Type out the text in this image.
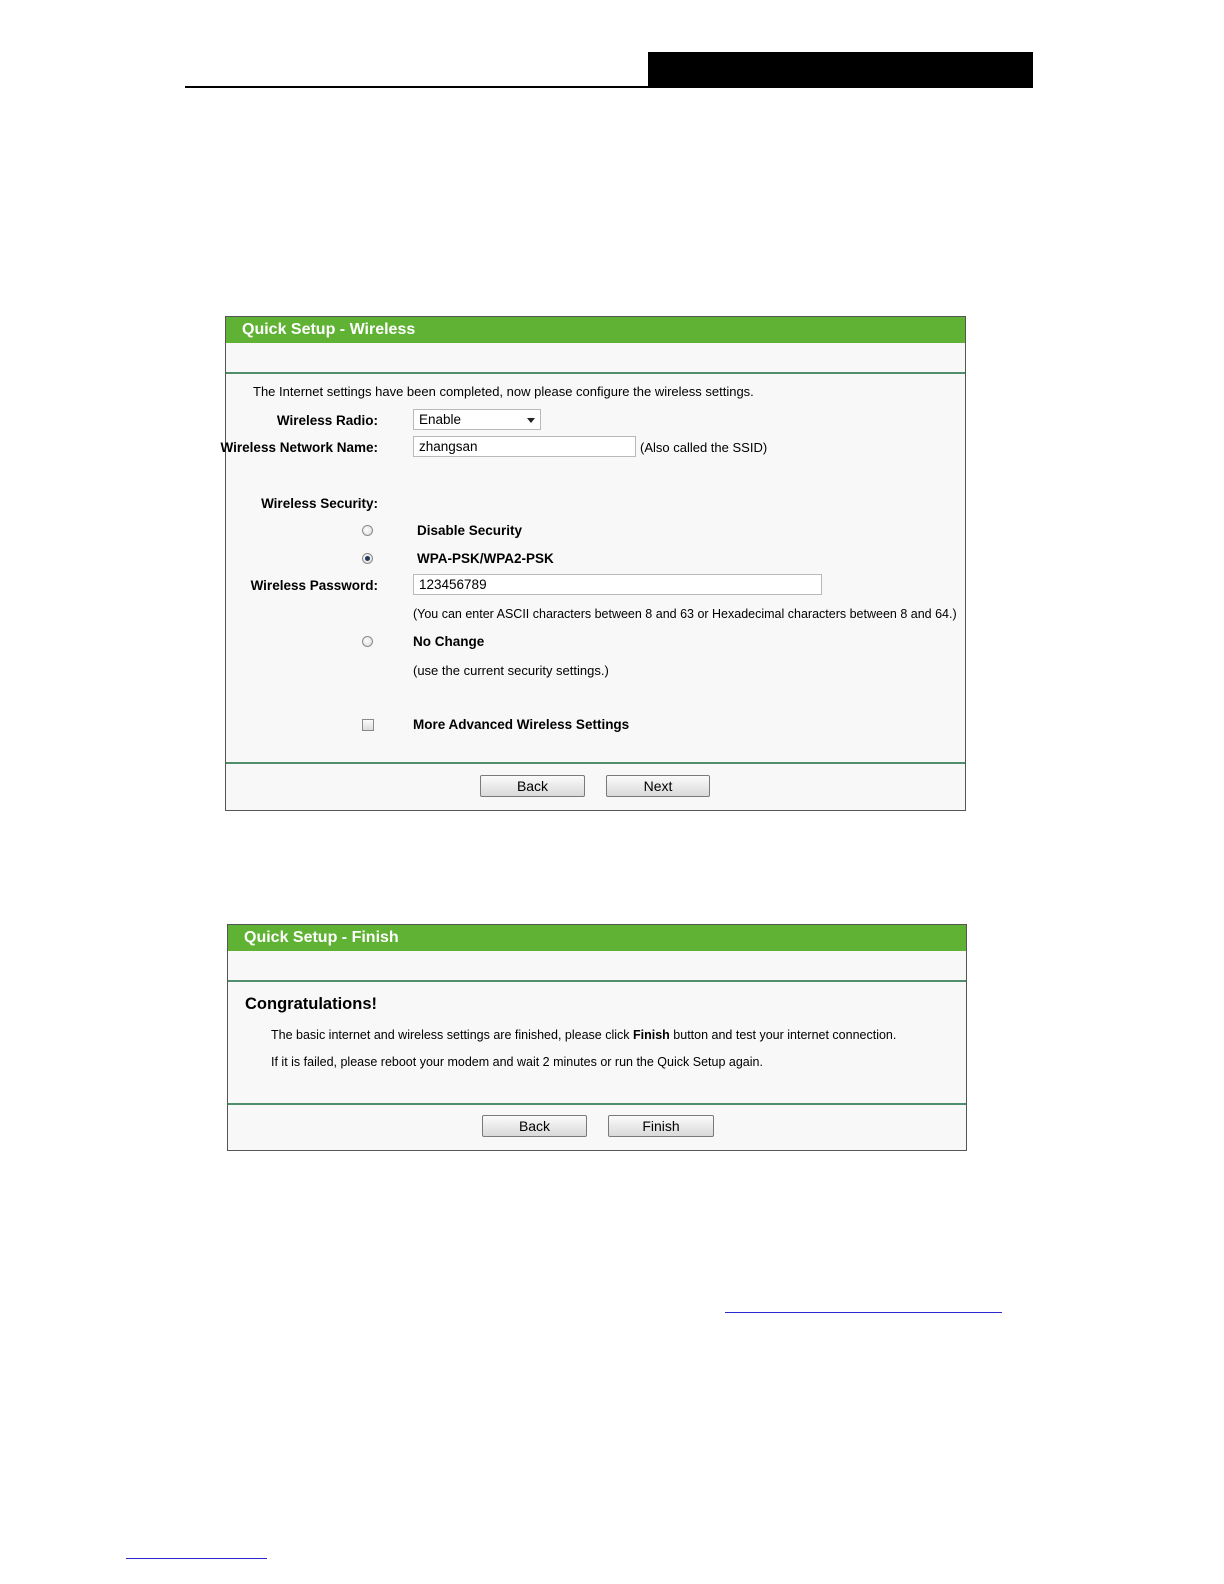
Quick Setup - Wireless
The Internet settings have been completed, now please configure the wireless settings.
Wireless Radio:	Enable
Wireless Network Name:	zhangsan	(Also called the SSID)
Wireless Security:
Disable Security
WPA-PSK/WPA2-PSK
Wireless Password:	123456789
(You can enter ASCII characters between 8 and 63 or Hexadecimal characters between 8 and 64.)
No Change
(use the current security settings.)
More Advanced Wireless Settings
Back	Next
Quick Setup - Finish
Congratulations!
The basic internet and wireless settings are finished, please click Finish button and test your internet connection.
If it is failed, please reboot your modem and wait 2 minutes or run the Quick Setup again.
Back	Finish
